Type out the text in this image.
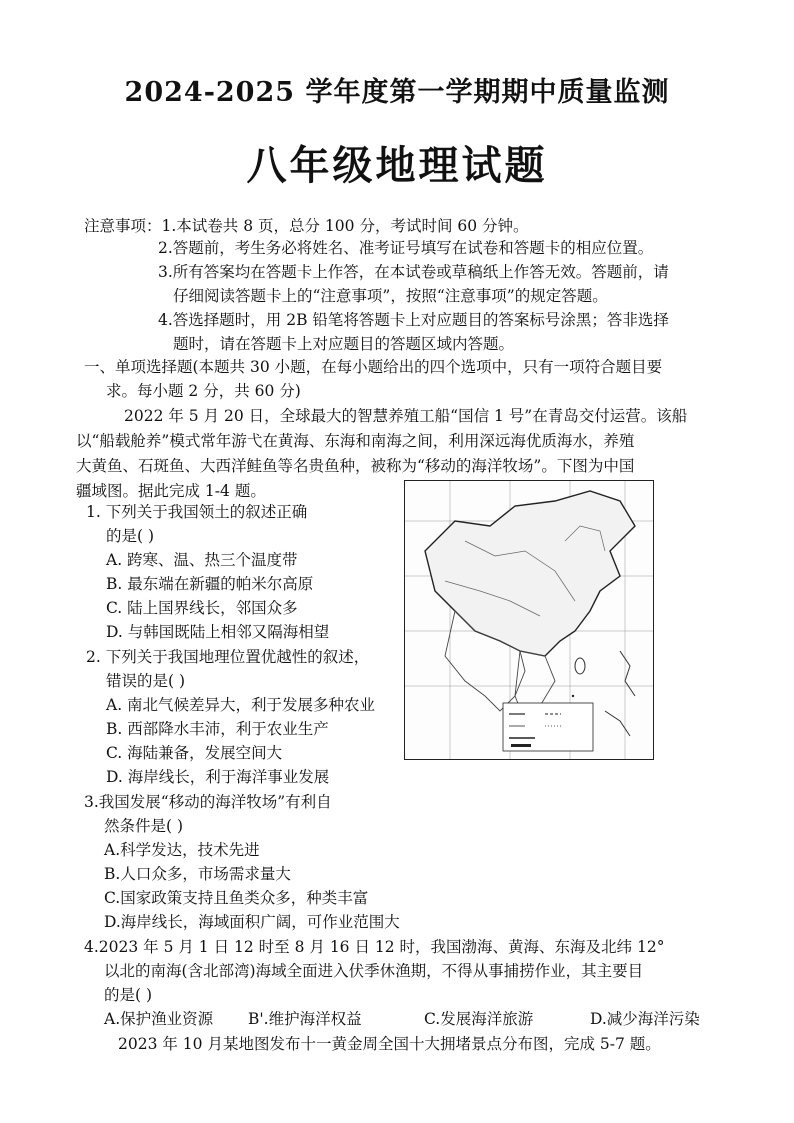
2024-2025 学年度第一学期期中质量监测
八年级地理试题
注意事项：1.本试卷共 8 页，总分 100 分，考试时间 60 分钟。
2.答题前，考生务必将姓名、准考证号填写在试卷和答题卡的相应位置。
3.所有答案均在答题卡上作答，在本试卷或草稿纸上作答无效。答题前，请
仔细阅读答题卡上的“注意事项”，按照“注意事项”的规定答题。
4.答选择题时，用 2B 铅笔将答题卡上对应题目的答案标号涂黑；答非选择
题时，请在答题卡上对应题目的答题区域内答题。
一、单项选择题(本题共 30 小题，在每小题给出的四个选项中，只有一项符合题目要
求。每小题 2 分，共 60 分)
2022 年 5 月 20 日，全球最大的智慧养殖工船“国信 1 号”在青岛交付运营。该船
以“船载舱养”模式常年游弋在黄海、东海和南海之间，利用深远海优质海水，养殖
大黄鱼、石斑鱼、大西洋鲑鱼等名贵鱼种，被称为“移动的海洋牧场”。下图为中国
疆域图。据此完成 1-4 题。
1. 下列关于我国领土的叙述正确
的是( )
A. 跨寒、温、热三个温度带
B. 最东端在新疆的帕米尔高原
C. 陆上国界线长，邻国众多
D. 与韩国既陆上相邻又隔海相望
2. 下列关于我国地理位置优越性的叙述，
错误的是( )
A. 南北气候差异大，利于发展多种农业
B. 西部降水丰沛，利于农业生产
C. 海陆兼备，发展空间大
D. 海岸线长，利于海洋事业发展
3.我国发展“移动的海洋牧场”有利自
然条件是( )
A.科学发达，技术先进
B.人口众多，市场需求量大
C.国家政策支持且鱼类众多，种类丰富
D.海岸线长，海域面积广阔，可作业范围大
4.2023 年 5 月 1 日 12 时至 8 月 16 日 12 时，我国渤海、黄海、东海及北纬 12°
以北的南海(含北部湾)海域全面进入伏季休渔期，不得从事捕捞作业，其主要目
的是( )
A.保护渔业资源 B'.维护海洋权益	C.发展海洋旅游	D.减少海洋污染
2023 年 10 月某地图发布十一黄金周全国十大拥堵景点分布图，完成 5-7 题。
